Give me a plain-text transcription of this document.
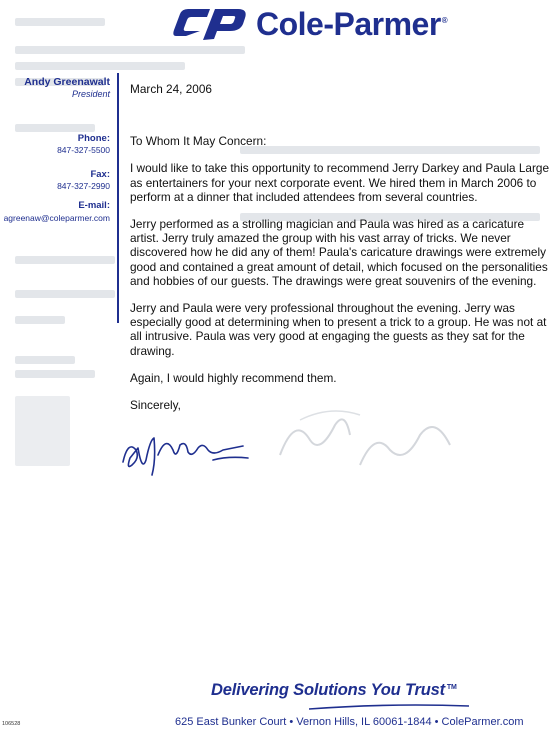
Cole-Parmer®
Andy Greenawalt
President
Phone:
847-327-5500
Fax:
847-327-2990
E-mail:
agreenaw@coleparmer.com

March 24, 2006

To Whom It May Concern:

I would like to take this opportunity to recommend Jerry Darkey and Paula Large as entertainers for your next corporate event. We hired them in March 2006 to perform at a dinner that included attendees from several countries.

Jerry performed as a strolling magician and Paula was hired as a caricature artist. Jerry truly amazed the group with his vast array of tricks. We never discovered how he did any of them! Paula's caricature drawings were extremely good and contained a great amount of detail, which focused on the personalities and hobbies of our guests. The drawings were great souvenirs of the evening.

Jerry and Paula were very professional throughout the evening. Jerry was especially good at determining when to present a trick to a group. He was not at all intrusive. Paula was very good at engaging the guests as they sat for the drawing.

Again, I would highly recommend them.

Sincerely,

Delivering Solutions You Trust ™
625 East Bunker Court • Vernon Hills, IL 60061-1844 • ColeParmer.com
106528
